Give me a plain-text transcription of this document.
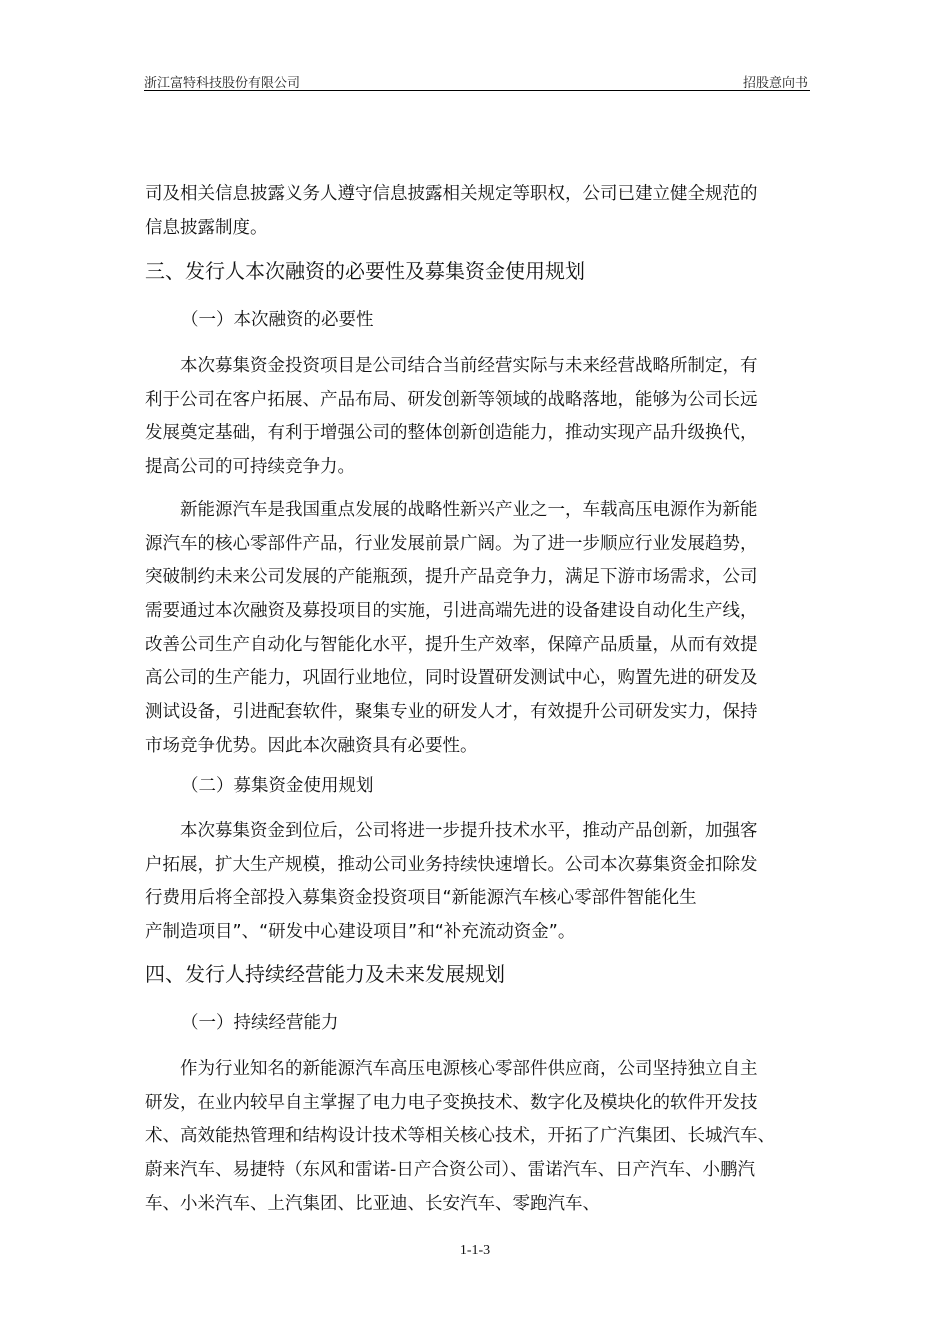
浙江富特科技股份有限公司	招股意向书
司及相关信息披露义务人遵守信息披露相关规定等职权，公司已建立健全规范的
信息披露制度。
三、发行人本次融资的必要性及募集资金使用规划
（一）本次融资的必要性
本次募集资金投资项目是公司结合当前经营实际与未来经营战略所制定，有
利于公司在客户拓展、产品布局、研发创新等领域的战略落地，能够为公司长远
发展奠定基础，有利于增强公司的整体创新创造能力，推动实现产品升级换代，
提高公司的可持续竞争力。
新能源汽车是我国重点发展的战略性新兴产业之一，车载高压电源作为新能
源汽车的核心零部件产品，行业发展前景广阔。为了进一步顺应行业发展趋势，
突破制约未来公司发展的产能瓶颈，提升产品竞争力，满足下游市场需求，公司
需要通过本次融资及募投项目的实施，引进高端先进的设备建设自动化生产线，
改善公司生产自动化与智能化水平，提升生产效率，保障产品质量，从而有效提
高公司的生产能力，巩固行业地位，同时设置研发测试中心，购置先进的研发及
测试设备，引进配套软件，聚集专业的研发人才，有效提升公司研发实力，保持
市场竞争优势。因此本次融资具有必要性。
（二）募集资金使用规划
本次募集资金到位后，公司将进一步提升技术水平，推动产品创新，加强客
户拓展，扩大生产规模，推动公司业务持续快速增长。公司本次募集资金扣除发
行费用后将全部投入募集资金投资项目“新能源汽车核心零部件智能化生
产制造项目”、“研发中心建设项目”和“补充流动资金”。
四、发行人持续经营能力及未来发展规划
（一）持续经营能力
作为行业知名的新能源汽车高压电源核心零部件供应商，公司坚持独立自主
研发，在业内较早自主掌握了电力电子变换技术、数字化及模块化的软件开发技
术、高效能热管理和结构设计技术等相关核心技术，开拓了广汽集团、长城汽车、
蔚来汽车、易捷特（东风和雷诺-日产合资公司）、雷诺汽车、日产汽车、小鹏汽
车、小米汽车、上汽集团、比亚迪、长安汽车、零跑汽车、
1-1-3
